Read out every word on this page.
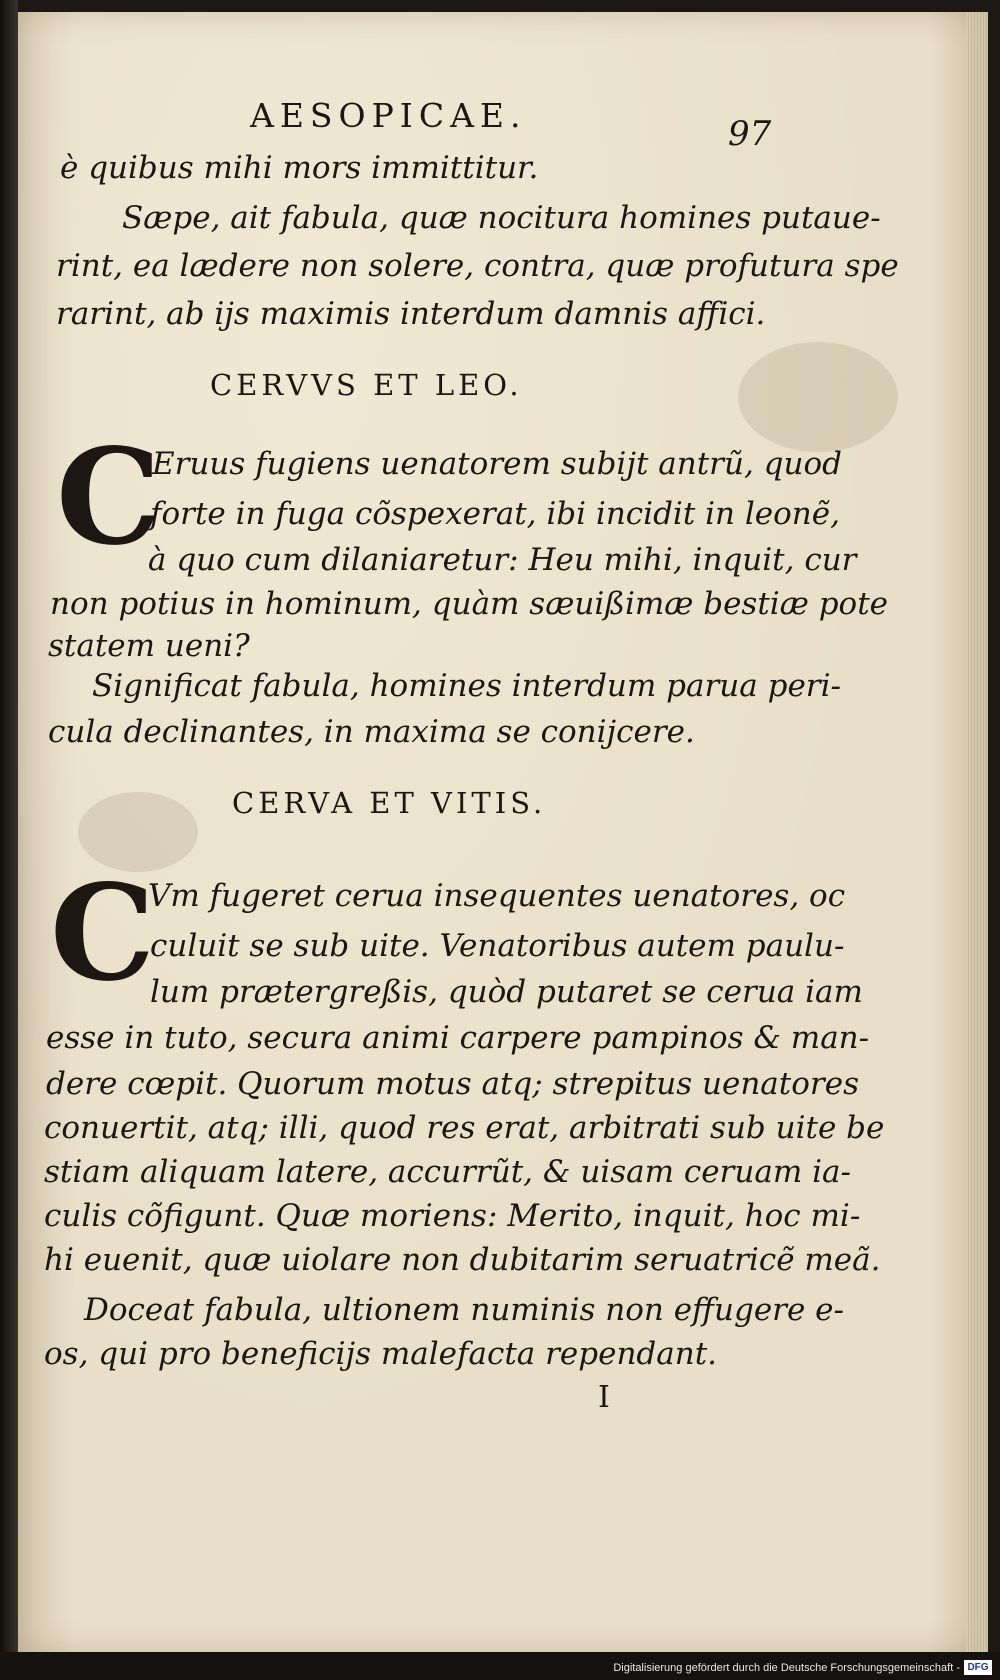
AESOPICAE.	97
è quibus mihi mors immittitur.
Sæpe, ait fabula, quæ nocitura homines putaue-
rint, ea lædere non solere, contra, quæ profutura spe
rarint, ab ijs maximis interdum damnis affici.
CERVVS ET LEO.
C
Eruus fugiens uenatorem subijt antrũ, quod
forte in fuga cõspexerat, ibi incidit in leonẽ,
à quo cum dilaniaretur: Heu mihi, inquit, cur
non potius in hominum, quàm sæuißimæ bestiæ pote
statem ueni?
Significat fabula, homines interdum parua peri-
cula declinantes, in maxima se conijcere.
CERVA ET VITIS.
C
Vm fugeret cerua insequentes uenatores, oc
culuit se sub uite. Venatoribus autem paulu-
lum prætergreßis, quòd putaret se cerua iam
esse in tuto, secura animi carpere pampinos & man-
dere cœpit. Quorum motus atq; strepitus uenatores
conuertit, atq; illi, quod res erat, arbitrati sub uite be
stiam aliquam latere, accurrũt, & uisam ceruam ia-
culis cõfigunt. Quæ moriens: Merito, inquit, hoc mi-
hi euenit, quæ uiolare non dubitarim seruatricẽ meã.
Doceat fabula, ultionem numinis non effugere e-
os, qui pro beneficijs malefacta rependant.
I
Digitalisierung gefördert durch die Deutsche Forschungsgemeinschaft - DFG
